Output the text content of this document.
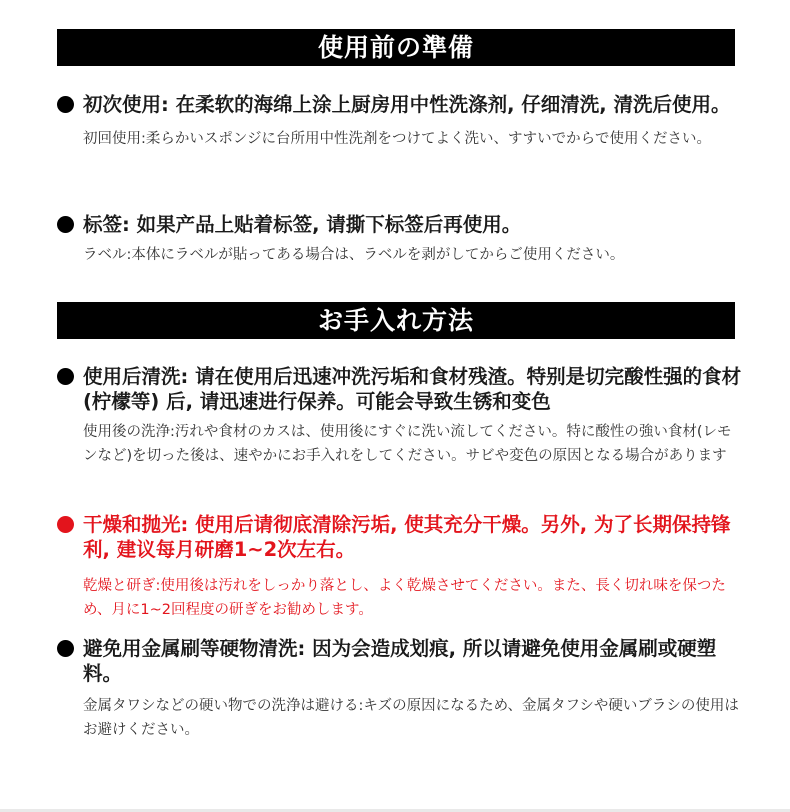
使用前の準備
初次使用: 在柔软的海绵上涂上厨房用中性洗涤剂, 仔细清洗, 清洗后使用。
初回使用:柔らかいスポンジに台所用中性洗剤をつけてよく洗い、すすいでからで使用ください。
标签: 如果产品上贴着标签, 请撕下标签后再使用。
ラベル:本体にラベルが貼ってある場合は、ラベルを剥がしてからご使用ください。
お手入れ方法
使用后清洗: 请在使用后迅速冲洗污垢和食材残渣。特别是切完酸性强的食材 (柠檬等) 后, 请迅速进行保养。可能会导致生锈和变色
使用後の洗浄:汚れや食材のカスは、使用後にすぐに洗い流してください。特に酸性の強い食材(レモンなど)を切った後は、速やかにお手入れをしてください。サビや変色の原因となる場合があります
干燥和抛光: 使用后请彻底清除污垢, 使其充分干燥。另外, 为了长期保持锋利, 建议每月研磨1~2次左右。
乾燥と研ぎ:使用後は汚れをしっかり落とし、よく乾燥させてください。また、長く切れ味を保つため、月に1~2回程度の研ぎをお勧めします。
避免用金属刷等硬物清洗: 因为会造成划痕, 所以请避免使用金属刷或硬塑料。
金属タワシなどの硬い物での洗浄は避ける:キズの原因になるため、金属タフシや硬いブラシの使用はお避けください。
